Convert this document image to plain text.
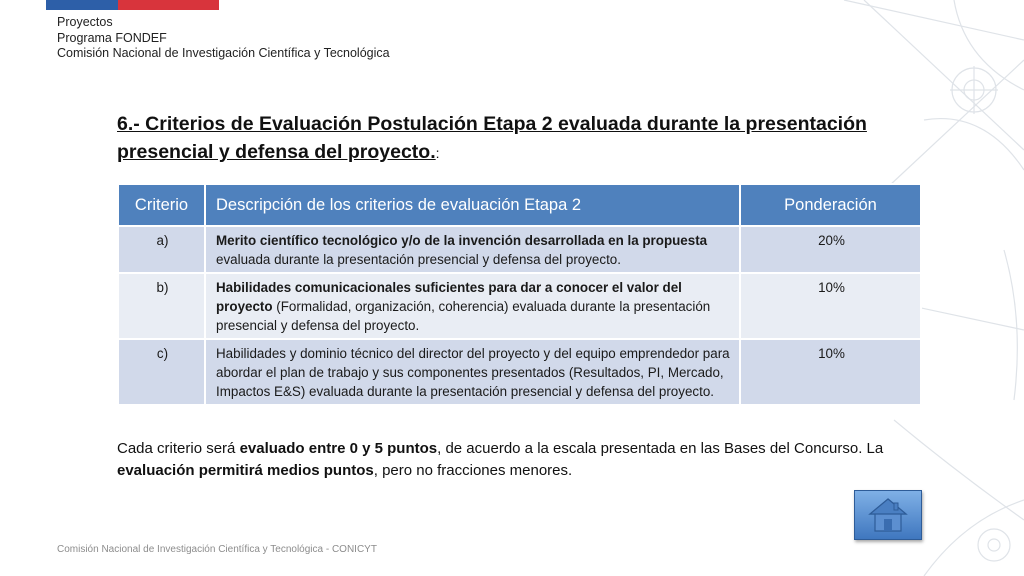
Proyectos
Programa FONDEF
Comisión Nacional de Investigación Científica y Tecnológica
6.- Criterios de Evaluación Postulación Etapa 2 evaluada durante la presentación presencial y defensa del proyecto.:
Criterio	Descripción de los criterios de evaluación Etapa 2	Ponderación
a)	Merito científico tecnológico y/o de la invención desarrollada en la propuesta evaluada durante la presentación presencial y defensa del proyecto.	20%
b)	Habilidades comunicacionales suficientes para dar a conocer el valor del proyecto (Formalidad, organización, coherencia) evaluada durante la presentación presencial y defensa del proyecto.	10%
c)	Habilidades y dominio técnico del director del proyecto y del equipo emprendedor para abordar el plan de trabajo y sus componentes presentados (Resultados, PI, Mercado, Impactos E&S) evaluada durante la presentación presencial y defensa del proyecto.	10%
Cada criterio será evaluado entre 0 y 5 puntos, de acuerdo a la escala presentada en las Bases del Concurso. La evaluación permitirá medios puntos, pero no fracciones menores.
Comisión Nacional de Investigación Científica y Tecnológica - CONICYT
